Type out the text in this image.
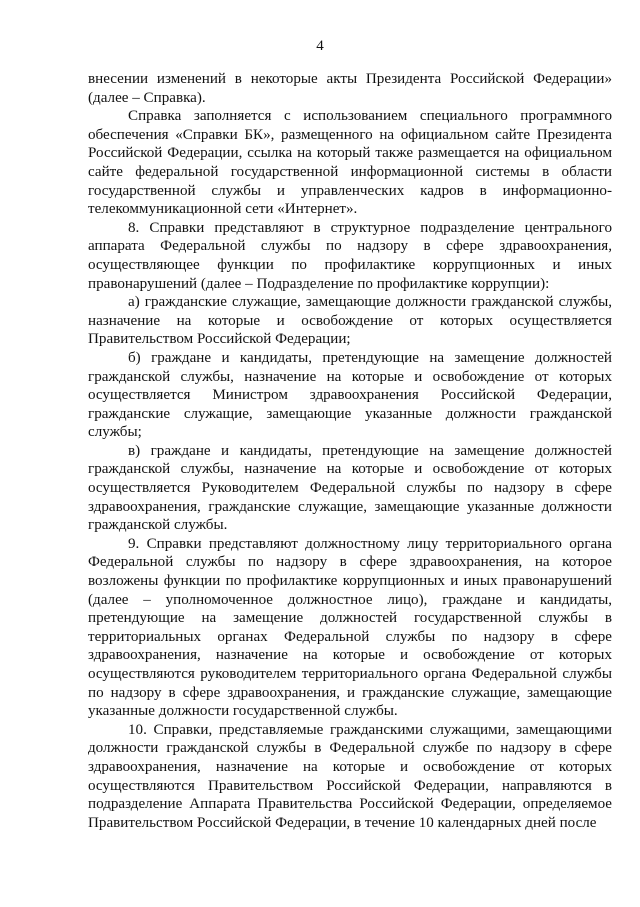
4

внесении изменений в некоторые акты Президента Российской Федерации» (далее – Справка).

Справка заполняется с использованием специального программного обеспечения «Справки БК», размещенного на официальном сайте Президента Российской Федерации, ссылка на который также размещается на официальном сайте федеральной государственной информационной системы в области государственной службы и управленческих кадров в информационно-телекоммуникационной сети «Интернет».

8. Справки представляют в структурное подразделение центрального аппарата Федеральной службы по надзору в сфере здравоохранения, осуществляющее функции по профилактике коррупционных и иных правонарушений (далее – Подразделение по профилактике коррупции):

а) гражданские служащие, замещающие должности гражданской службы, назначение на которые и освобождение от которых осуществляется Правительством Российской Федерации;

б) граждане и кандидаты, претендующие на замещение должностей гражданской службы, назначение на которые и освобождение от которых осуществляется Министром здравоохранения Российской Федерации, гражданские служащие, замещающие указанные должности гражданской службы;

в) граждане и кандидаты, претендующие на замещение должностей гражданской службы, назначение на которые и освобождение от которых осуществляется Руководителем Федеральной службы по надзору в сфере здравоохранения, гражданские служащие, замещающие указанные должности гражданской службы.

9. Справки представляют должностному лицу территориального органа Федеральной службы по надзору в сфере здравоохранения, на которое возложены функции по профилактике коррупционных и иных правонарушений (далее – уполномоченное должностное лицо), граждане и кандидаты, претендующие на замещение должностей государственной службы в территориальных органах Федеральной службы по надзору в сфере здравоохранения, назначение на которые и освобождение от которых осуществляются руководителем территориального органа Федеральной службы по надзору в сфере здравоохранения, и гражданские служащие, замещающие указанные должности государственной службы.

10. Справки, представляемые гражданскими служащими, замещающими должности гражданской службы в Федеральной службе по надзору в сфере здравоохранения, назначение на которые и освобождение от которых осуществляются Правительством Российской Федерации, направляются в подразделение Аппарата Правительства Российской Федерации, определяемое Правительством Российской Федерации, в течение 10 календарных дней после
